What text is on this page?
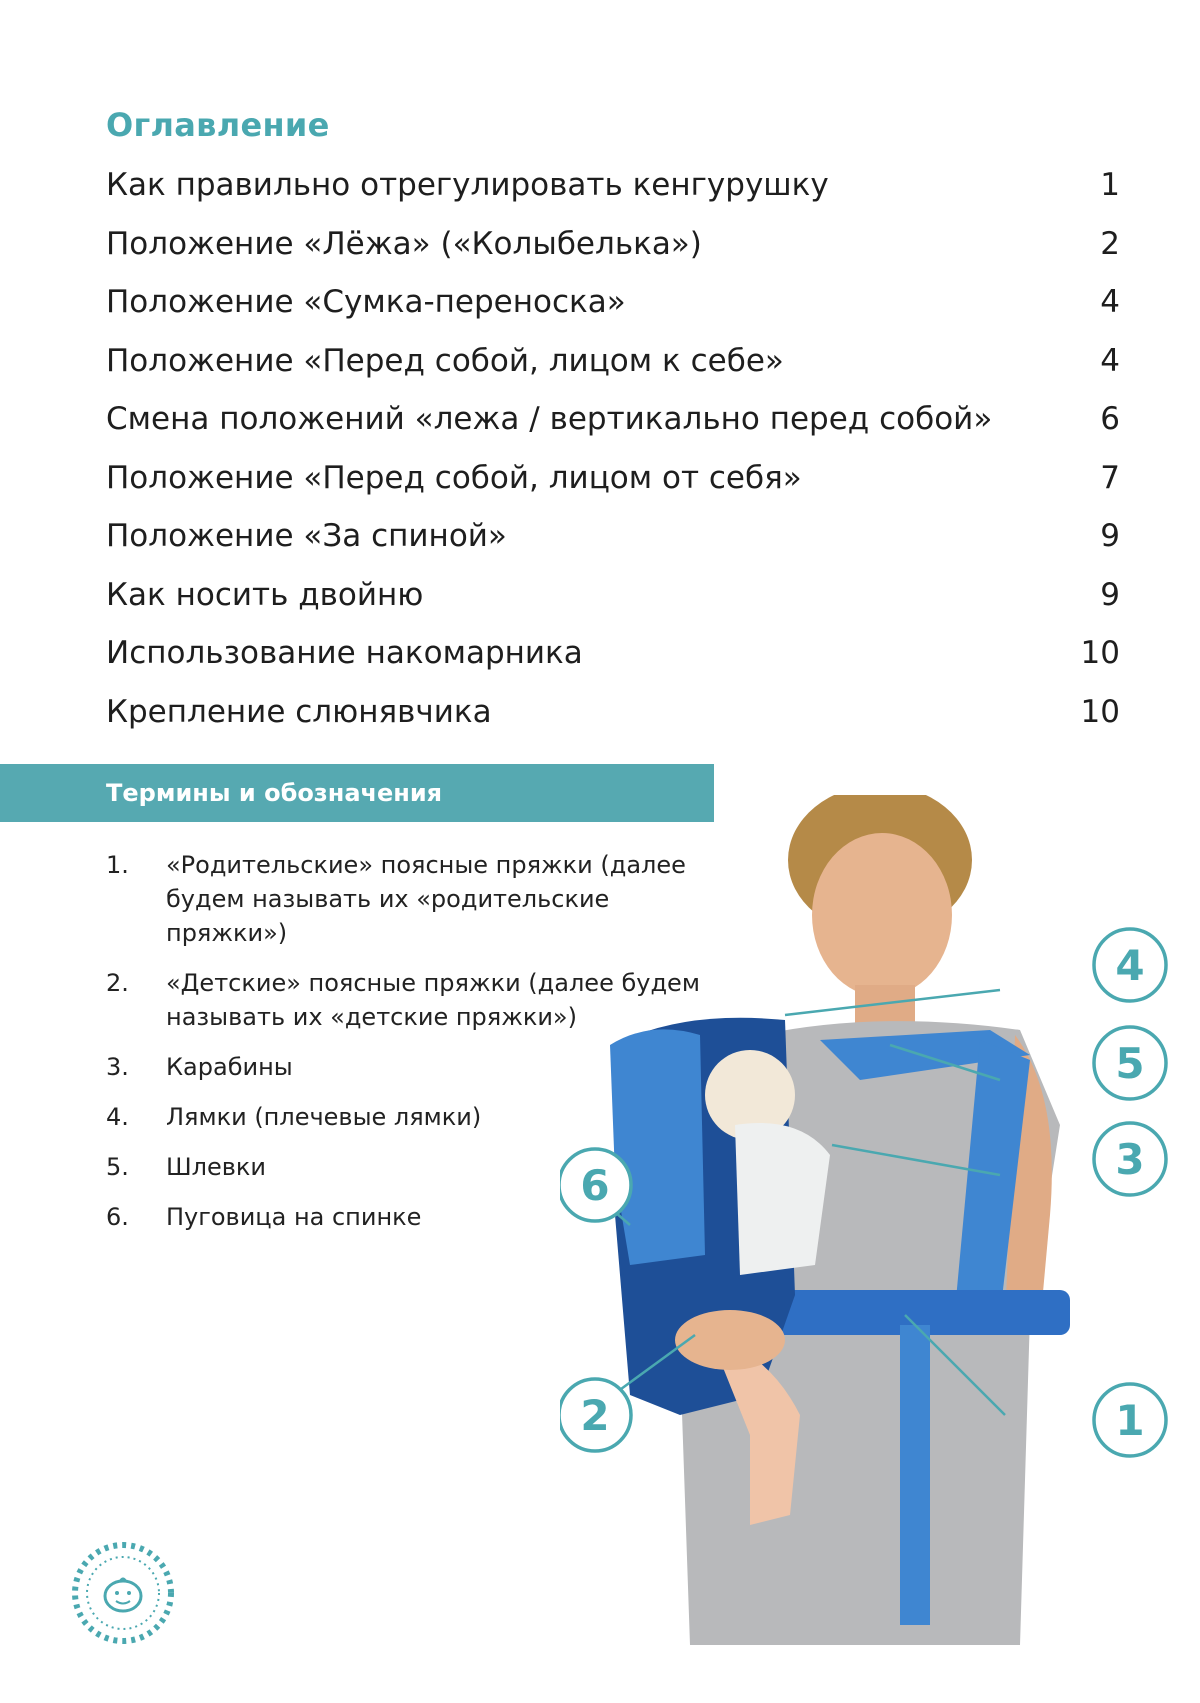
Оглавление
Как правильно отрегулировать кенгурушку	1
Положение «Лёжа» («Колыбелька»)	2
Положение «Сумка-переноска»	4
Положение «Перед собой, лицом к себе»	4
Смена положений «лежа / вертикально перед собой»	6
Положение «Перед собой, лицом от себя»	7
Положение «За спиной»	9
Как носить двойню	9
Использование накомарника	10
Крепление слюнявчика	10
Термины и обозначения
1.	«Родительские» поясные пряжки (далее будем называть их «родительские пряжки»)
2.	«Детские» поясные пряжки (далее будем называть их «детские пряжки»)
3.	Карабины
4.	Лямки (плечевые лямки)
5.	Шлевки
6.	Пуговица на спинке
4
5
3
6
2	1
